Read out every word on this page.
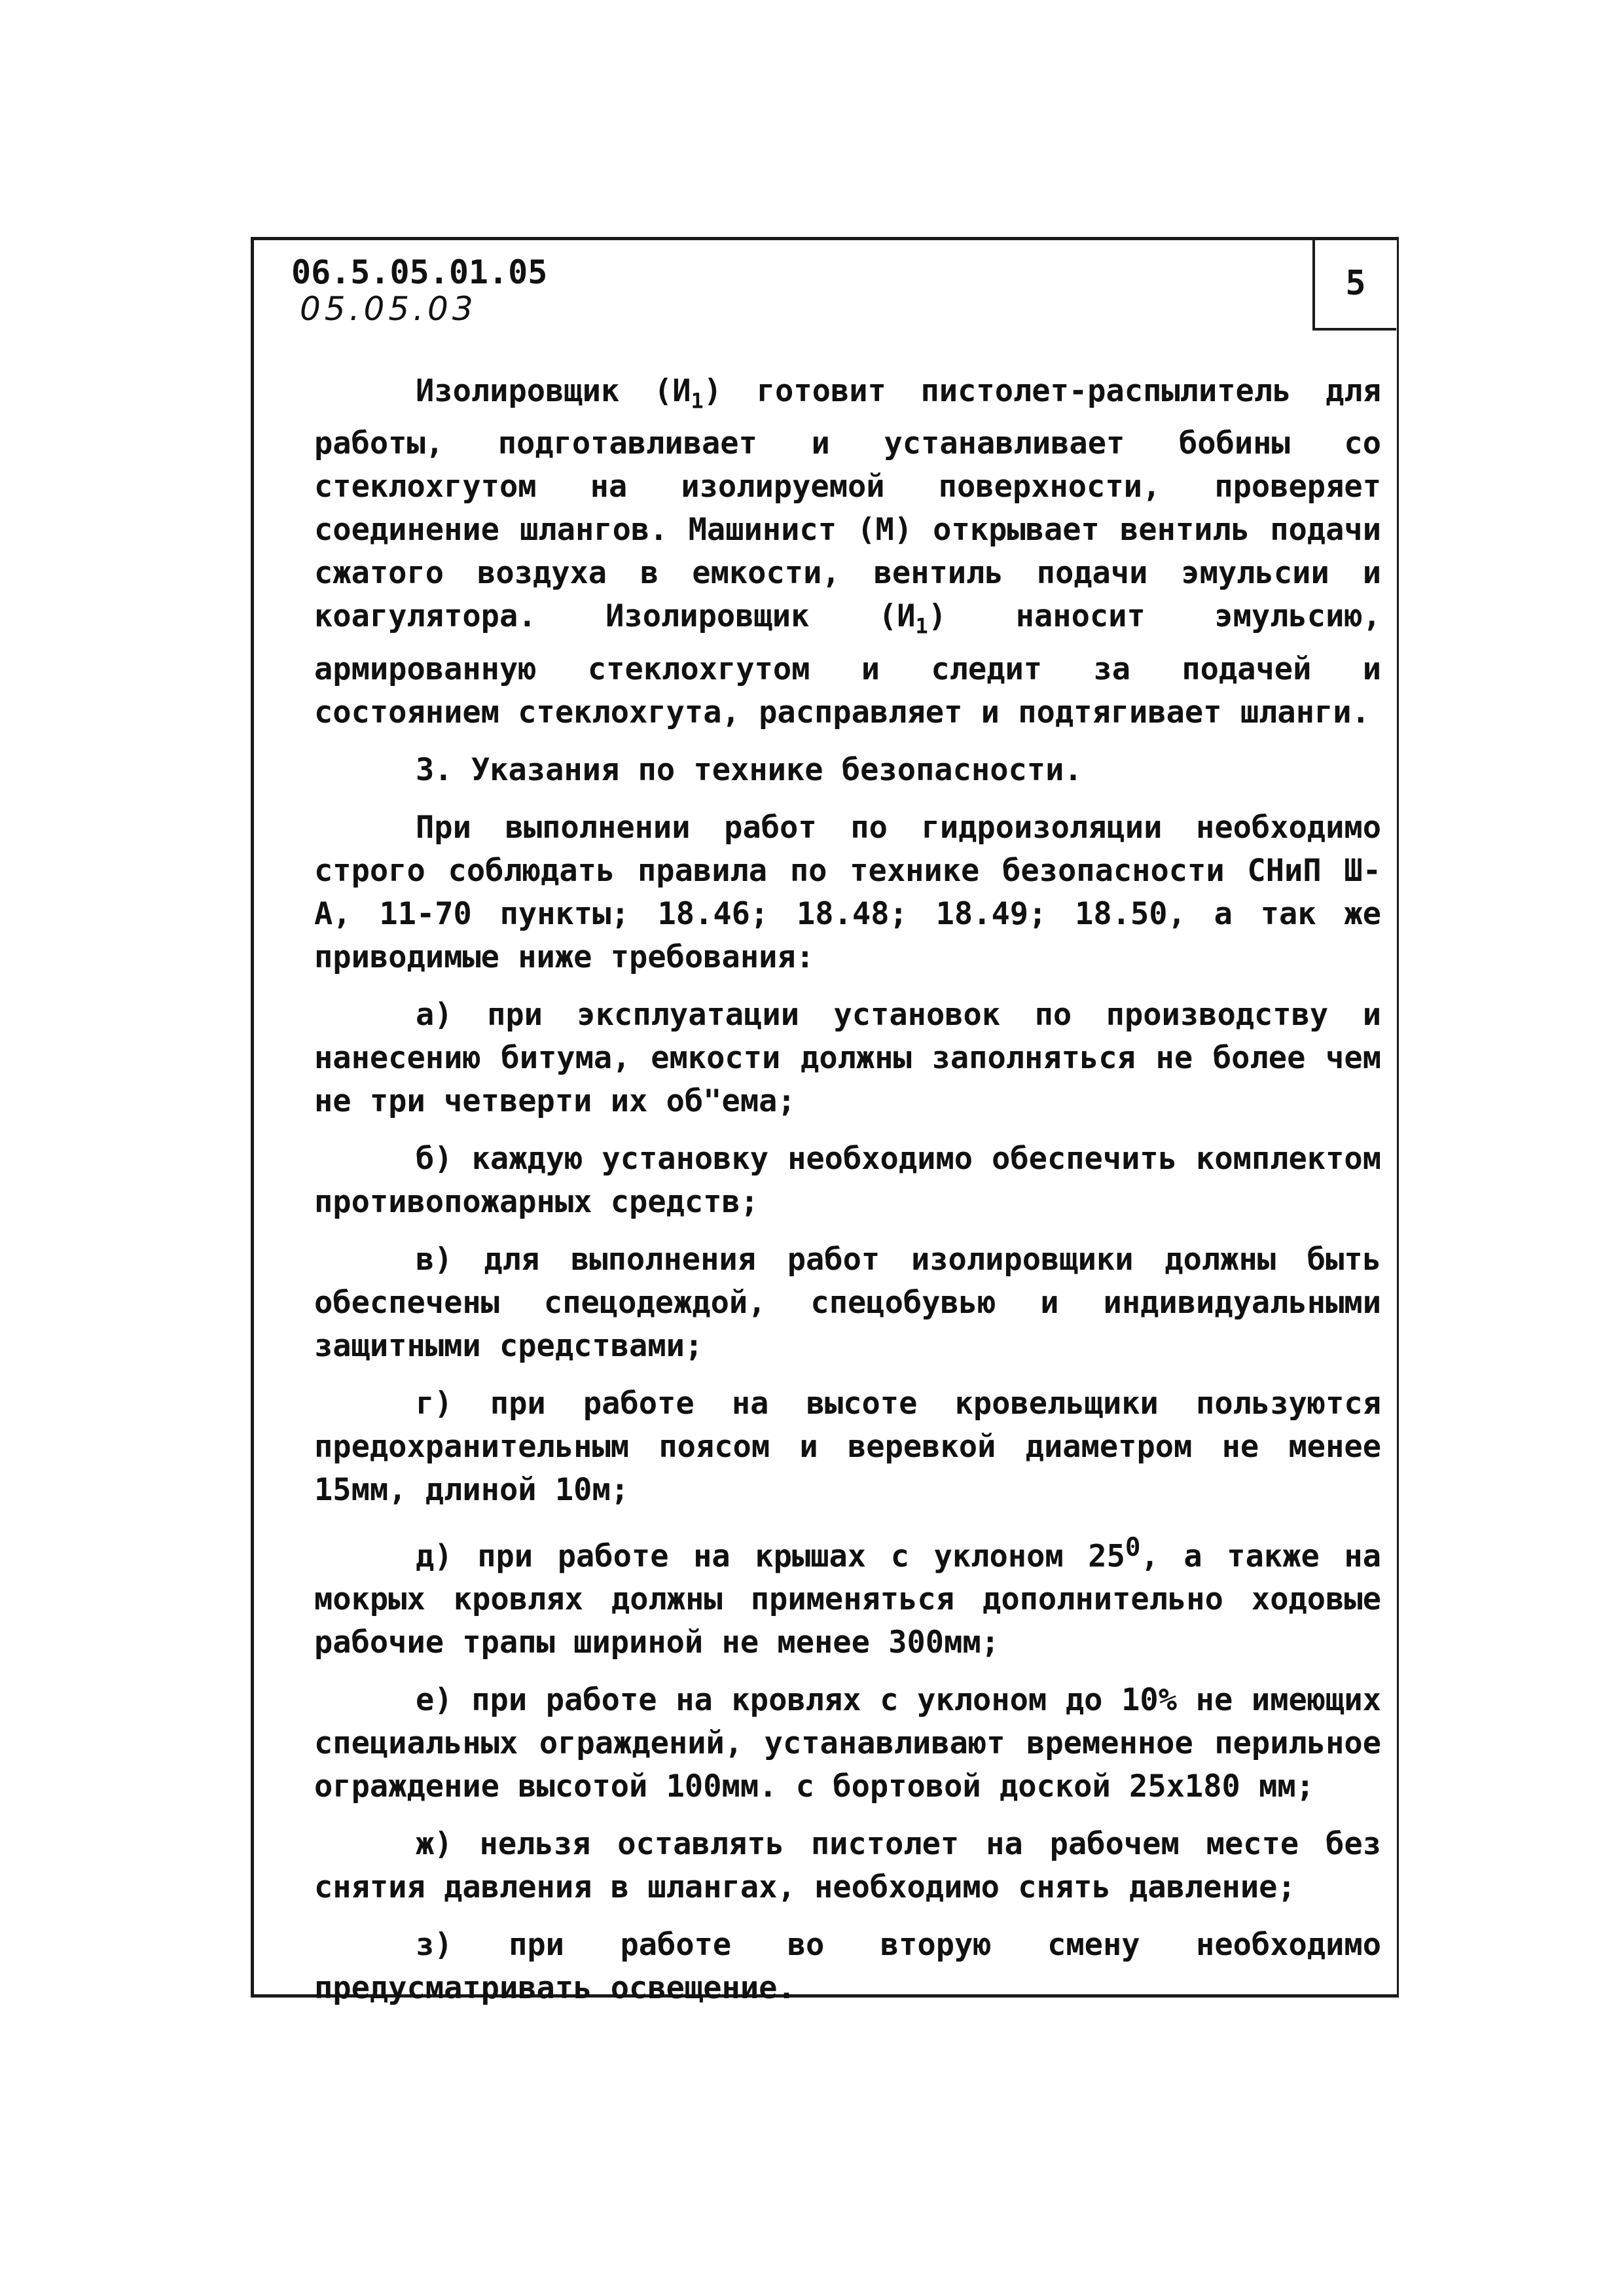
06.5.05.01.05
05.05.03
5

Изолировщик $(И_1)$ готовит пистолет-распылитель для работы, подготавливает и устанавливает бобины со стеклохгутом на изолируемой поверхности, проверяет соединение шлангов. Машинист (М) открывает вентиль подачи сжатого воздуха в емкости, вентиль подачи эмульсии и коагулятора. Изолировщик $(И_1)$ наносит эмульсию, армированную стеклохгутом и следит за подачей и состоянием стеклохгута, расправляет и подтягивает шланги.

3. Указания по технике безопасности.

При выполнении работ по гидроизоляции необходимо строго соблюдать правила по технике безопасности СНиП Ш-А, 11-70 пункты; 18.46; 18.48; 18.49; 18.50, а так же приводимые ниже требования:

а) при эксплуатации установок по производству и нанесению битума, емкости должны заполняться не более чем не три четверти их об"ема;

б) каждую установку необходимо обеспечить комплектом противопожарных средств;

в) для выполнения работ изолировщики должны быть обеспечены спецодеждой, спецобувью и индивидуальными защитными средствами;

г) при работе на высоте кровельщики пользуются предохранительным поясом и веревкой диаметром не менее 15мм, длиной 10м;

д) при работе на крышах с уклоном $25^0$, а также на мокрых кровлях должны применяться дополнительно ходовые рабочие трапы шириной не менее 300мм;

е) при работе на кровлях с уклоном до 10% не имеющих специальных ограждений, устанавливают временное перильное ограждение высотой 100мм. с бортовой доской 25x180 мм;

ж) нельзя оставлять пистолет на рабочем месте без снятия давления в шлангах, необходимо снять давление;

з) при работе во вторую смену необходимо предусматривать освещение.
